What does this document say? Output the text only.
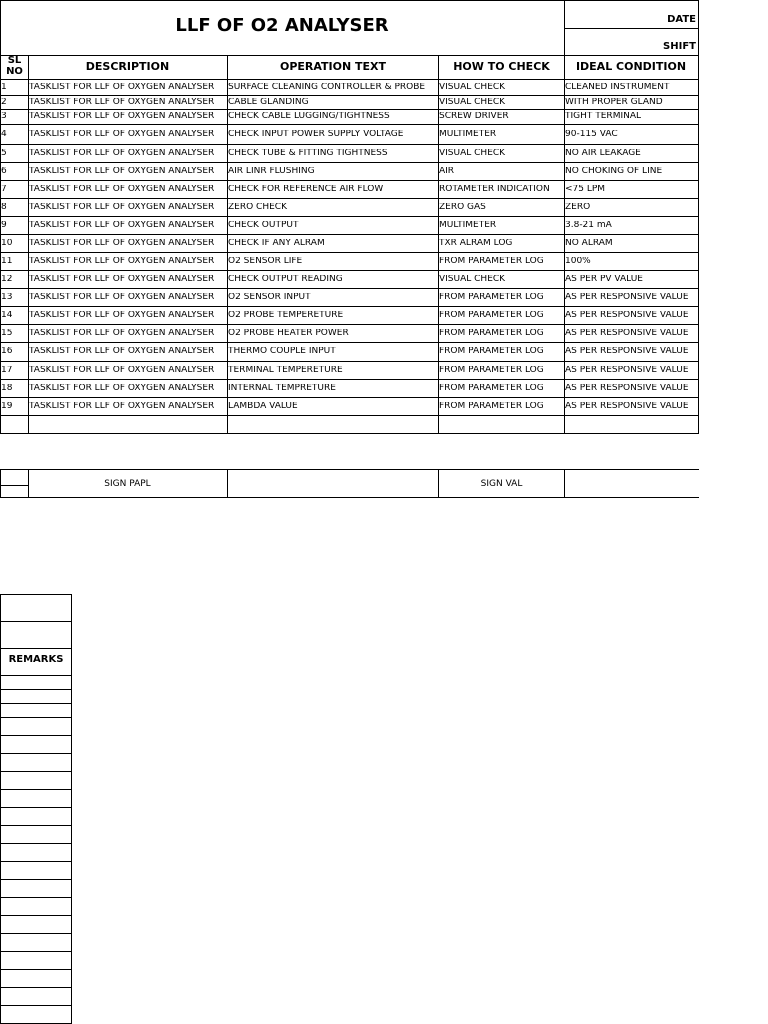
LLF OF O2 ANALYSER	DATE
SHIFT
SL NO	DESCRIPTION	OPERATION TEXT	HOW TO CHECK	IDEAL CONDITION
1	TASKLIST FOR LLF OF OXYGEN ANALYSER	SURFACE CLEANING CONTROLLER & PROBE	VISUAL CHECK	CLEANED INSTRUMENT
2	TASKLIST FOR LLF OF OXYGEN ANALYSER	CABLE GLANDING	VISUAL CHECK	WITH PROPER GLAND
3	TASKLIST FOR LLF OF OXYGEN ANALYSER	CHECK CABLE LUGGING/TIGHTNESS	SCREW DRIVER	TIGHT TERMINAL
4	TASKLIST FOR LLF OF OXYGEN ANALYSER	CHECK INPUT POWER SUPPLY VOLTAGE	MULTIMETER	90-115 VAC
5	TASKLIST FOR LLF OF OXYGEN ANALYSER	CHECK TUBE & FITTING TIGHTNESS	VISUAL CHECK	NO AIR LEAKAGE
6	TASKLIST FOR LLF OF OXYGEN ANALYSER	AIR LINR FLUSHING	AIR	NO CHOKING OF LINE
7	TASKLIST FOR LLF OF OXYGEN ANALYSER	CHECK FOR REFERENCE AIR FLOW	ROTAMETER INDICATION	<75 LPM
8	TASKLIST FOR LLF OF OXYGEN ANALYSER	ZERO CHECK	ZERO GAS	ZERO
9	TASKLIST FOR LLF OF OXYGEN ANALYSER	CHECK OUTPUT	MULTIMETER	3.8-21 mA
10	TASKLIST FOR LLF OF OXYGEN ANALYSER	CHECK IF ANY ALRAM	TXR ALRAM LOG	NO ALRAM
11	TASKLIST FOR LLF OF OXYGEN ANALYSER	O2 SENSOR LIFE	FROM PARAMETER LOG	100%
12	TASKLIST FOR LLF OF OXYGEN ANALYSER	CHECK OUTPUT READING	VISUAL CHECK	AS PER PV VALUE
13	TASKLIST FOR LLF OF OXYGEN ANALYSER	O2 SENSOR INPUT	FROM PARAMETER LOG	AS PER RESPONSIVE VALUE
14	TASKLIST FOR LLF OF OXYGEN ANALYSER	O2 PROBE TEMPERETURE	FROM PARAMETER LOG	AS PER RESPONSIVE VALUE
15	TASKLIST FOR LLF OF OXYGEN ANALYSER	O2 PROBE HEATER POWER	FROM PARAMETER LOG	AS PER RESPONSIVE VALUE
16	TASKLIST FOR LLF OF OXYGEN ANALYSER	THERMO COUPLE INPUT	FROM PARAMETER LOG	AS PER RESPONSIVE VALUE
17	TASKLIST FOR LLF OF OXYGEN ANALYSER	TERMINAL TEMPERETURE	FROM PARAMETER LOG	AS PER RESPONSIVE VALUE
18	TASKLIST FOR LLF OF OXYGEN ANALYSER	INTERNAL TEMPRETURE	FROM PARAMETER LOG	AS PER RESPONSIVE VALUE
19	TASKLIST FOR LLF OF OXYGEN ANALYSER	LAMBDA VALUE	FROM PARAMETER LOG	AS PER RESPONSIVE VALUE
SIGN PAPL	SIGN VAL
REMARKS
